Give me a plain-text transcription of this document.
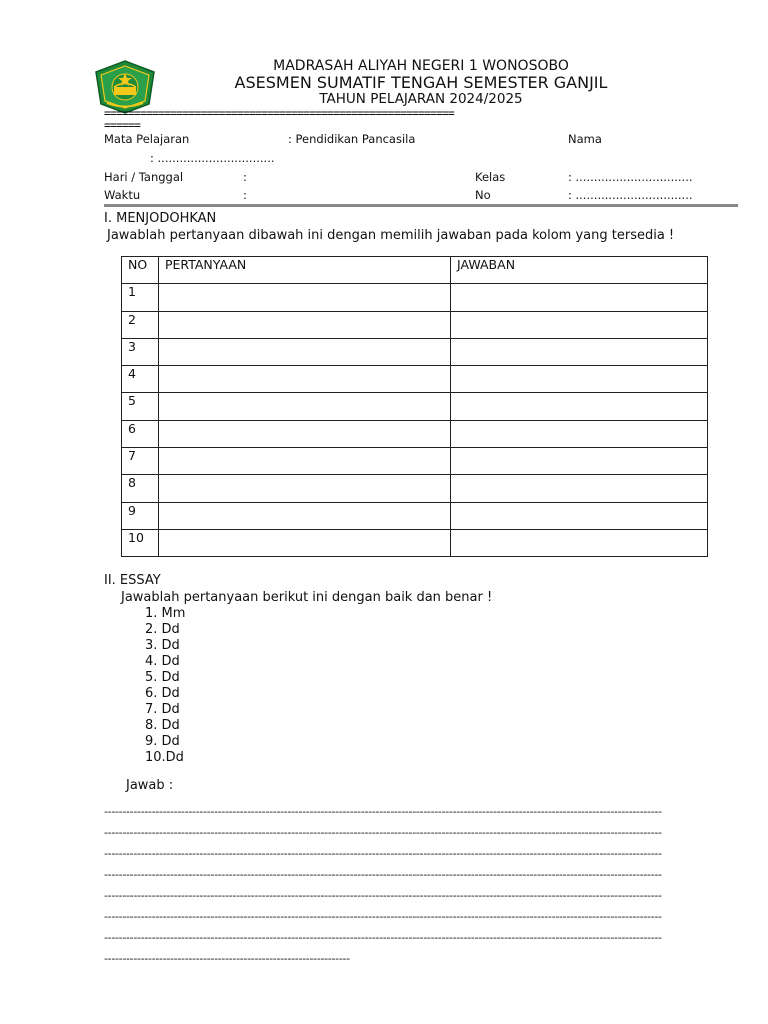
MADRASAH ALIYAH NEGERI 1 WONOSOBO
ASESMEN SUMATIF TENGAH SEMESTER GANJIL
TAHUN PELAJARAN 2024/2025
==========================================================
======
Mata Pelajaran	: Pendidikan Pancasila	Nama
: ................................
Hari / Tanggal	:	Kelas	: ................................
Waktu	:	No	: ................................
I. MENJODOHKAN
Jawablah pertanyaan dibawah ini dengan memilih jawaban pada kolom yang tersedia !
NO	PERTANYAAN	JAWABAN
1		
2		
3		
4		
5		
6		
7		
8		
9		
10		
II. ESSAY
Jawablah pertanyaan berikut ini dengan baik dan benar !
1. Mm
2. Dd
3. Dd
4. Dd
5. Dd
6. Dd
7. Dd
8. Dd
9. Dd
10.Dd
Jawab :
--------------------------------------------------------------------------------------------------------------------------------------------------------
--------------------------------------------------------------------------------------------------------------------------------------------------------
--------------------------------------------------------------------------------------------------------------------------------------------------------
--------------------------------------------------------------------------------------------------------------------------------------------------------
--------------------------------------------------------------------------------------------------------------------------------------------------------
--------------------------------------------------------------------------------------------------------------------------------------------------------
--------------------------------------------------------------------------------------------------------------------------------------------------------
-------------------------------------------------------------------
